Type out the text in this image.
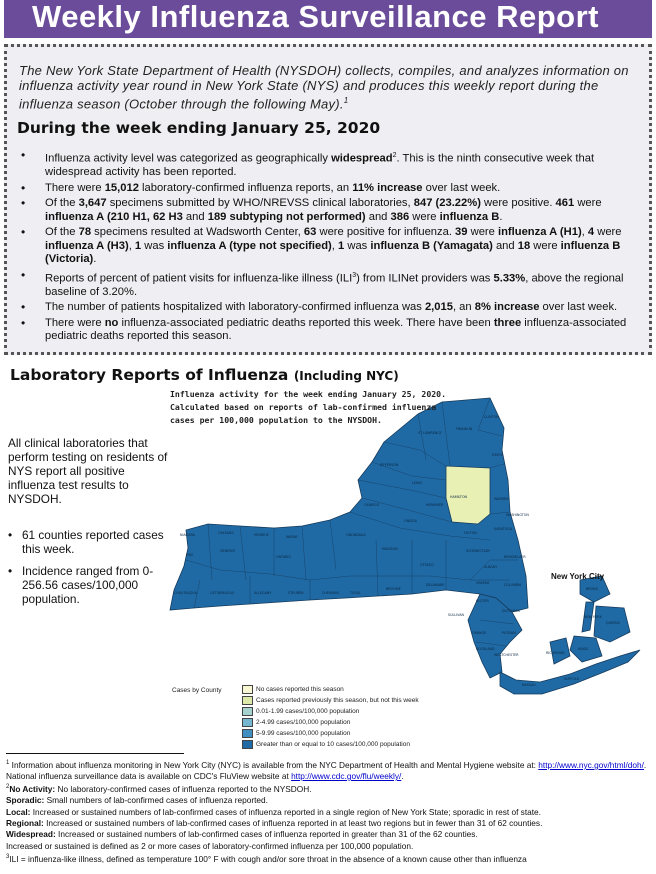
Weekly Influenza Surveillance Report

The New York State Department of Health (NYSDOH) collects, compiles, and analyzes information on influenza activity year round in New York State (NYS) and produces this weekly report during the influenza season (October through the following May).$^1$

During the week ending January 25, 2020
• Influenza activity level was categorized as geographically widespread$^2$. This is the ninth consecutive week that widespread activity has been reported.
• There were 15,012 laboratory-confirmed influenza reports, an 11% increase over last week.
• Of the 3,647 specimens submitted by WHO/NREVSS clinical laboratories, 847 (23.22%) were positive. 461 were influenza A (210 H1, 62 H3 and 189 subtyping not performed) and 386 were influenza B.
• Of the 78 specimens resulted at Wadsworth Center, 63 were positive for influenza. 39 were influenza A (H1), 4 were influenza A (H3), 1 was influenza A (type not specified), 1 was influenza B (Yamagata) and 18 were influenza B (Victoria).
• Reports of percent of patient visits for influenza-like illness (ILI$^3$) from ILINet providers was 5.33%, above the regional baseline of 3.20%.
• The number of patients hospitalized with laboratory-confirmed influenza was 2,015, an 8% increase over last week.
• There were no influenza-associated pediatric deaths reported this week. There have been three influenza-associated pediatric deaths reported this season.
Laboratory Reports of Influenza (Including NYC)
HAMILTON
ST LAWRENCE
FRANKLIN
CLINTON
JEFFERSON
LEWIS
ESSEX
WARREN
HERKIMER
ONEIDA
OSWEGO
FULTON
SARATOGA
WASHINGTON
NIAGARA	ORLEANS	MONROE	WAYNE
ERIE
GENESEE
ONTARIO
ONONDAGA
MADISON
OTSEGO	ALBANY
SCHENECTADY
RENSSELAER
CHAUTAUQUA	CATTARAUGUS	ALLEGANY	STEUBEN	CHEMUNG	TIOGA
BROOME
DELAWARE
SULLIVAN
ULSTER
GREENE	COLUMBIA
DUTCHESS
ORANGE	PUTNAM
WESTCHESTER
ROCKLAND
SUFFOLK
NASSAU
BRONX
NEW YORK
QUEENS
KINGS
RICHMOND
Influenza activity for the week ending January 25, 2020.
Calculated based on reports of lab-confirmed influenza
cases per 100,000 population to the NYSDOH.
New York City

All clinical laboratories that perform testing on residents of NYS report all positive influenza test results to NYSDOH.

• 61 counties reported cases this week.
• Incidence ranged from 0-256.56 cases/100,000 population.
Cases by County	No cases reported this season
Cases reported previously this season, but not this week
0.01-1.99 cases/100,000 population
2-4.99 cases/100,000 population
5-9.99 cases/100,000 population
Greater than or equal to 10 cases/100,000 population

$^1$ Information about influenza monitoring in New York City (NYC) is available from the NYC Department of Health and Mental Hygiene website at: http://www.nyc.gov/html/doh/. National influenza surveillance data is available on CDC's FluView website at http://www.cdc.gov/flu/weekly/.

$^2$No Activity: No laboratory-confirmed cases of influenza reported to the NYSDOH.

Sporadic: Small numbers of lab-confirmed cases of influenza reported.

Local: Increased or sustained numbers of lab-confirmed cases of influenza reported in a single region of New York State; sporadic in rest of state.

Regional: Increased or sustained numbers of lab-confirmed cases of influenza reported in at least two regions but in fewer than 31 of 62 counties.

Widespread: Increased or sustained numbers of lab-confirmed cases of influenza reported in greater than 31 of the 62 counties.

Increased or sustained is defined as 2 or more cases of laboratory-confirmed influenza per 100,000 population.

$^3$ILI = influenza-like illness, defined as temperature 100° F with cough and/or sore throat in the absence of a known cause other than influenza
